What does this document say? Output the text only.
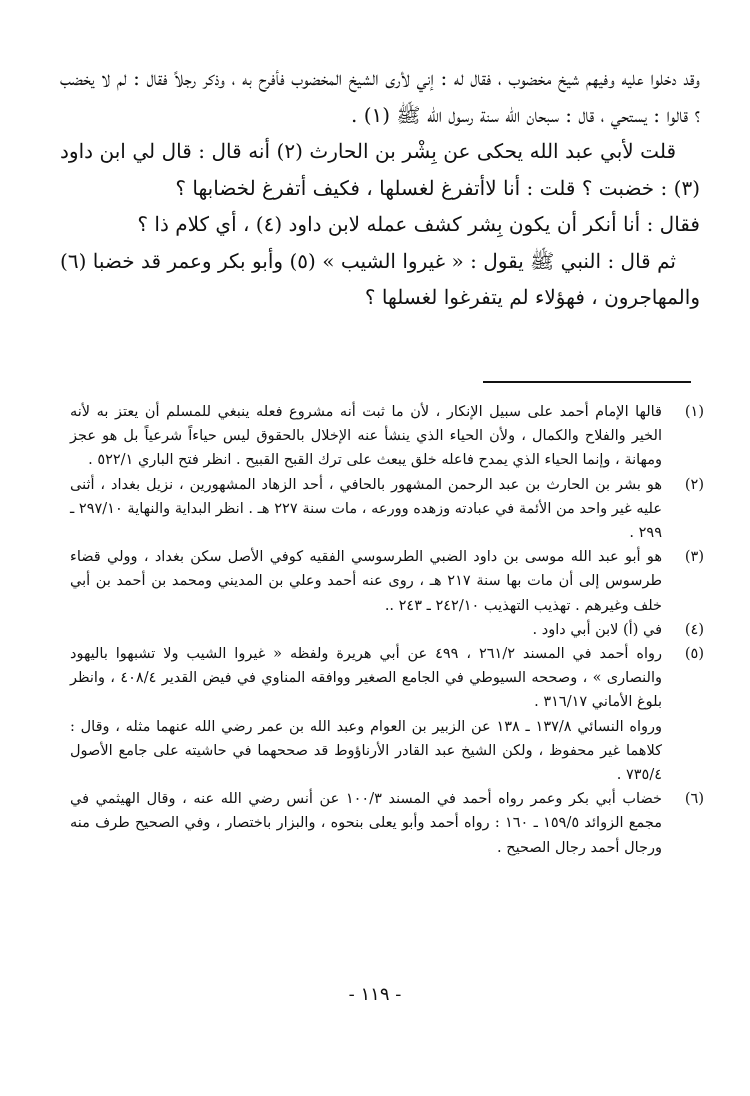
وقد دخلوا عليه وفيهم شيخ مخضوب ، فقال له : إني لأرى الشيخ المخضوب فأفرح به ، وذكر رجلاً فقال : لم لا يخضب ؟ قالوا : يستحي ، قال : سبحان الله سنة رسول الله ﷺ (١) .

قلت لأبي عبد الله يحكى عن بِشْر بن الحارث (٢) أنه قال : قال لي ابن داود (٣) : خضبت ؟ قلت : أنا لاأتفرغ لغسلها ، فكيف أتفرغ لخضابها ؟

فقال : أنا أنكر أن يكون بِشر كشف عمله لابن داود (٤) ، أي كلام ذا ؟

ثم قال : النبي ﷺ يقول : « غيروا الشيب » (٥) وأبو بكر وعمر قد خضبا (٦) والمهاجرون ، فهؤلاء لم يتفرغوا لغسلها ؟

(١)
قالها الإمام أحمد على سبيل الإنكار ، لأن ما ثبت أنه مشروع فعله ينبغي للمسلم أن يعتز به لأنه الخير والفلاح والكمال ، ولأن الحياء الذي ينشأ عنه الإخلال بالحقوق ليس حياءاً شرعياً بل هو عجز ومهانة ، وإنما الحياء الذي يمدح فاعله خلق يبعث على ترك القبح القبيح . انظر فتح الباري ٥٢٢/١ .
(٢)
هو بشر بن الحارث بن عبد الرحمن المشهور بالحافي ، أحد الزهاد المشهورين ، نزيل بغداد ، أثنى عليه غير واحد من الأئمة في عبادته وزهده وورعه ، مات سنة ٢٢٧ هـ . انظر البداية والنهاية ٢٩٧/١٠ ـ ٢٩٩ .
(٣)
هو أبو عبد الله موسى بن داود الضبي الطرسوسي الفقيه كوفي الأصل سكن بغداد ، وولي قضاء طرسوس إلى أن مات بها سنة ٢١٧ هـ ، روى عنه أحمد وعلي بن المديني ومحمد بن أحمد بن أبي خلف وغيرهم . تهذيب التهذيب ٢٤٢/١٠ ـ ٢٤٣ ..
(٤)
في (أ) لابن أبي داود .
(٥)
رواه أحمد في المسند ٢٦١/٢ ، ٤٩٩ عن أبي هريرة ولفظه « غيروا الشيب ولا تشبهوا باليهود والنصارى » ، وصححه السيوطي في الجامع الصغير ووافقه المناوي في فيض القدير ٤٠٨/٤ ، وانظر بلوغ الأماني ٣١٦/١٧ .
ورواه النسائي ١٣٧/٨ ـ ١٣٨ عن الزبير بن العوام وعبد الله بن عمر رضي الله عنهما مثله ، وقال : كلاهما غير محفوظ ، ولكن الشيخ عبد القادر الأرناؤوط قد صححهما في حاشيته على جامع الأصول ٧٣٥/٤ .
(٦)
خضاب أبي بكر وعمر رواه أحمد في المسند ١٠٠/٣ عن أنس رضي الله عنه ، وقال الهيثمي في مجمع الزوائد ١٥٩/٥ ـ ١٦٠ : رواه أحمد وأبو يعلى بنحوه ، والبزار باختصار ، وفي الصحيح طرف منه ورجال أحمد رجال الصحيح .
- ١١٩ -
